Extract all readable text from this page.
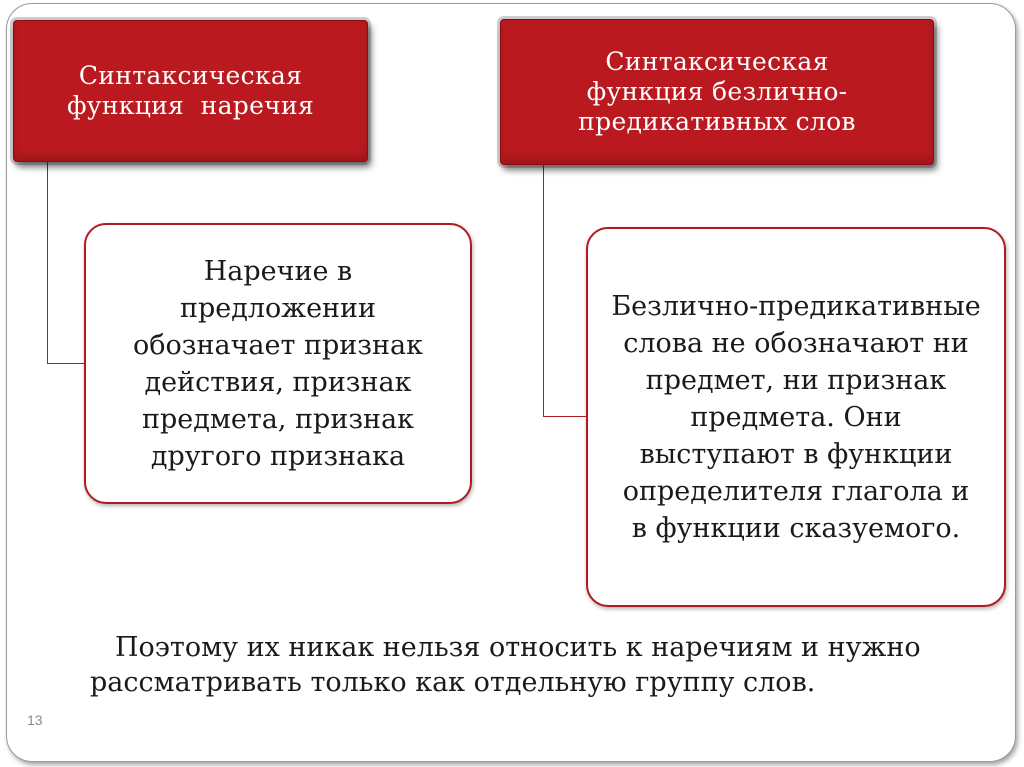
Синтаксическая функция  наречия
Синтаксическая функция безлично-предикативных слов
Наречие в предложении обозначает признак действия, признак предмета, признак другого признака
Безлично-предикативные слова не обозначают ни предмет, ни признак предмета. Они выступают в функции определителя глагола и в функции сказуемого.
Поэтому их никак нельзя относить к наречиям и нужно рассматривать только как отдельную группу слов.
13
